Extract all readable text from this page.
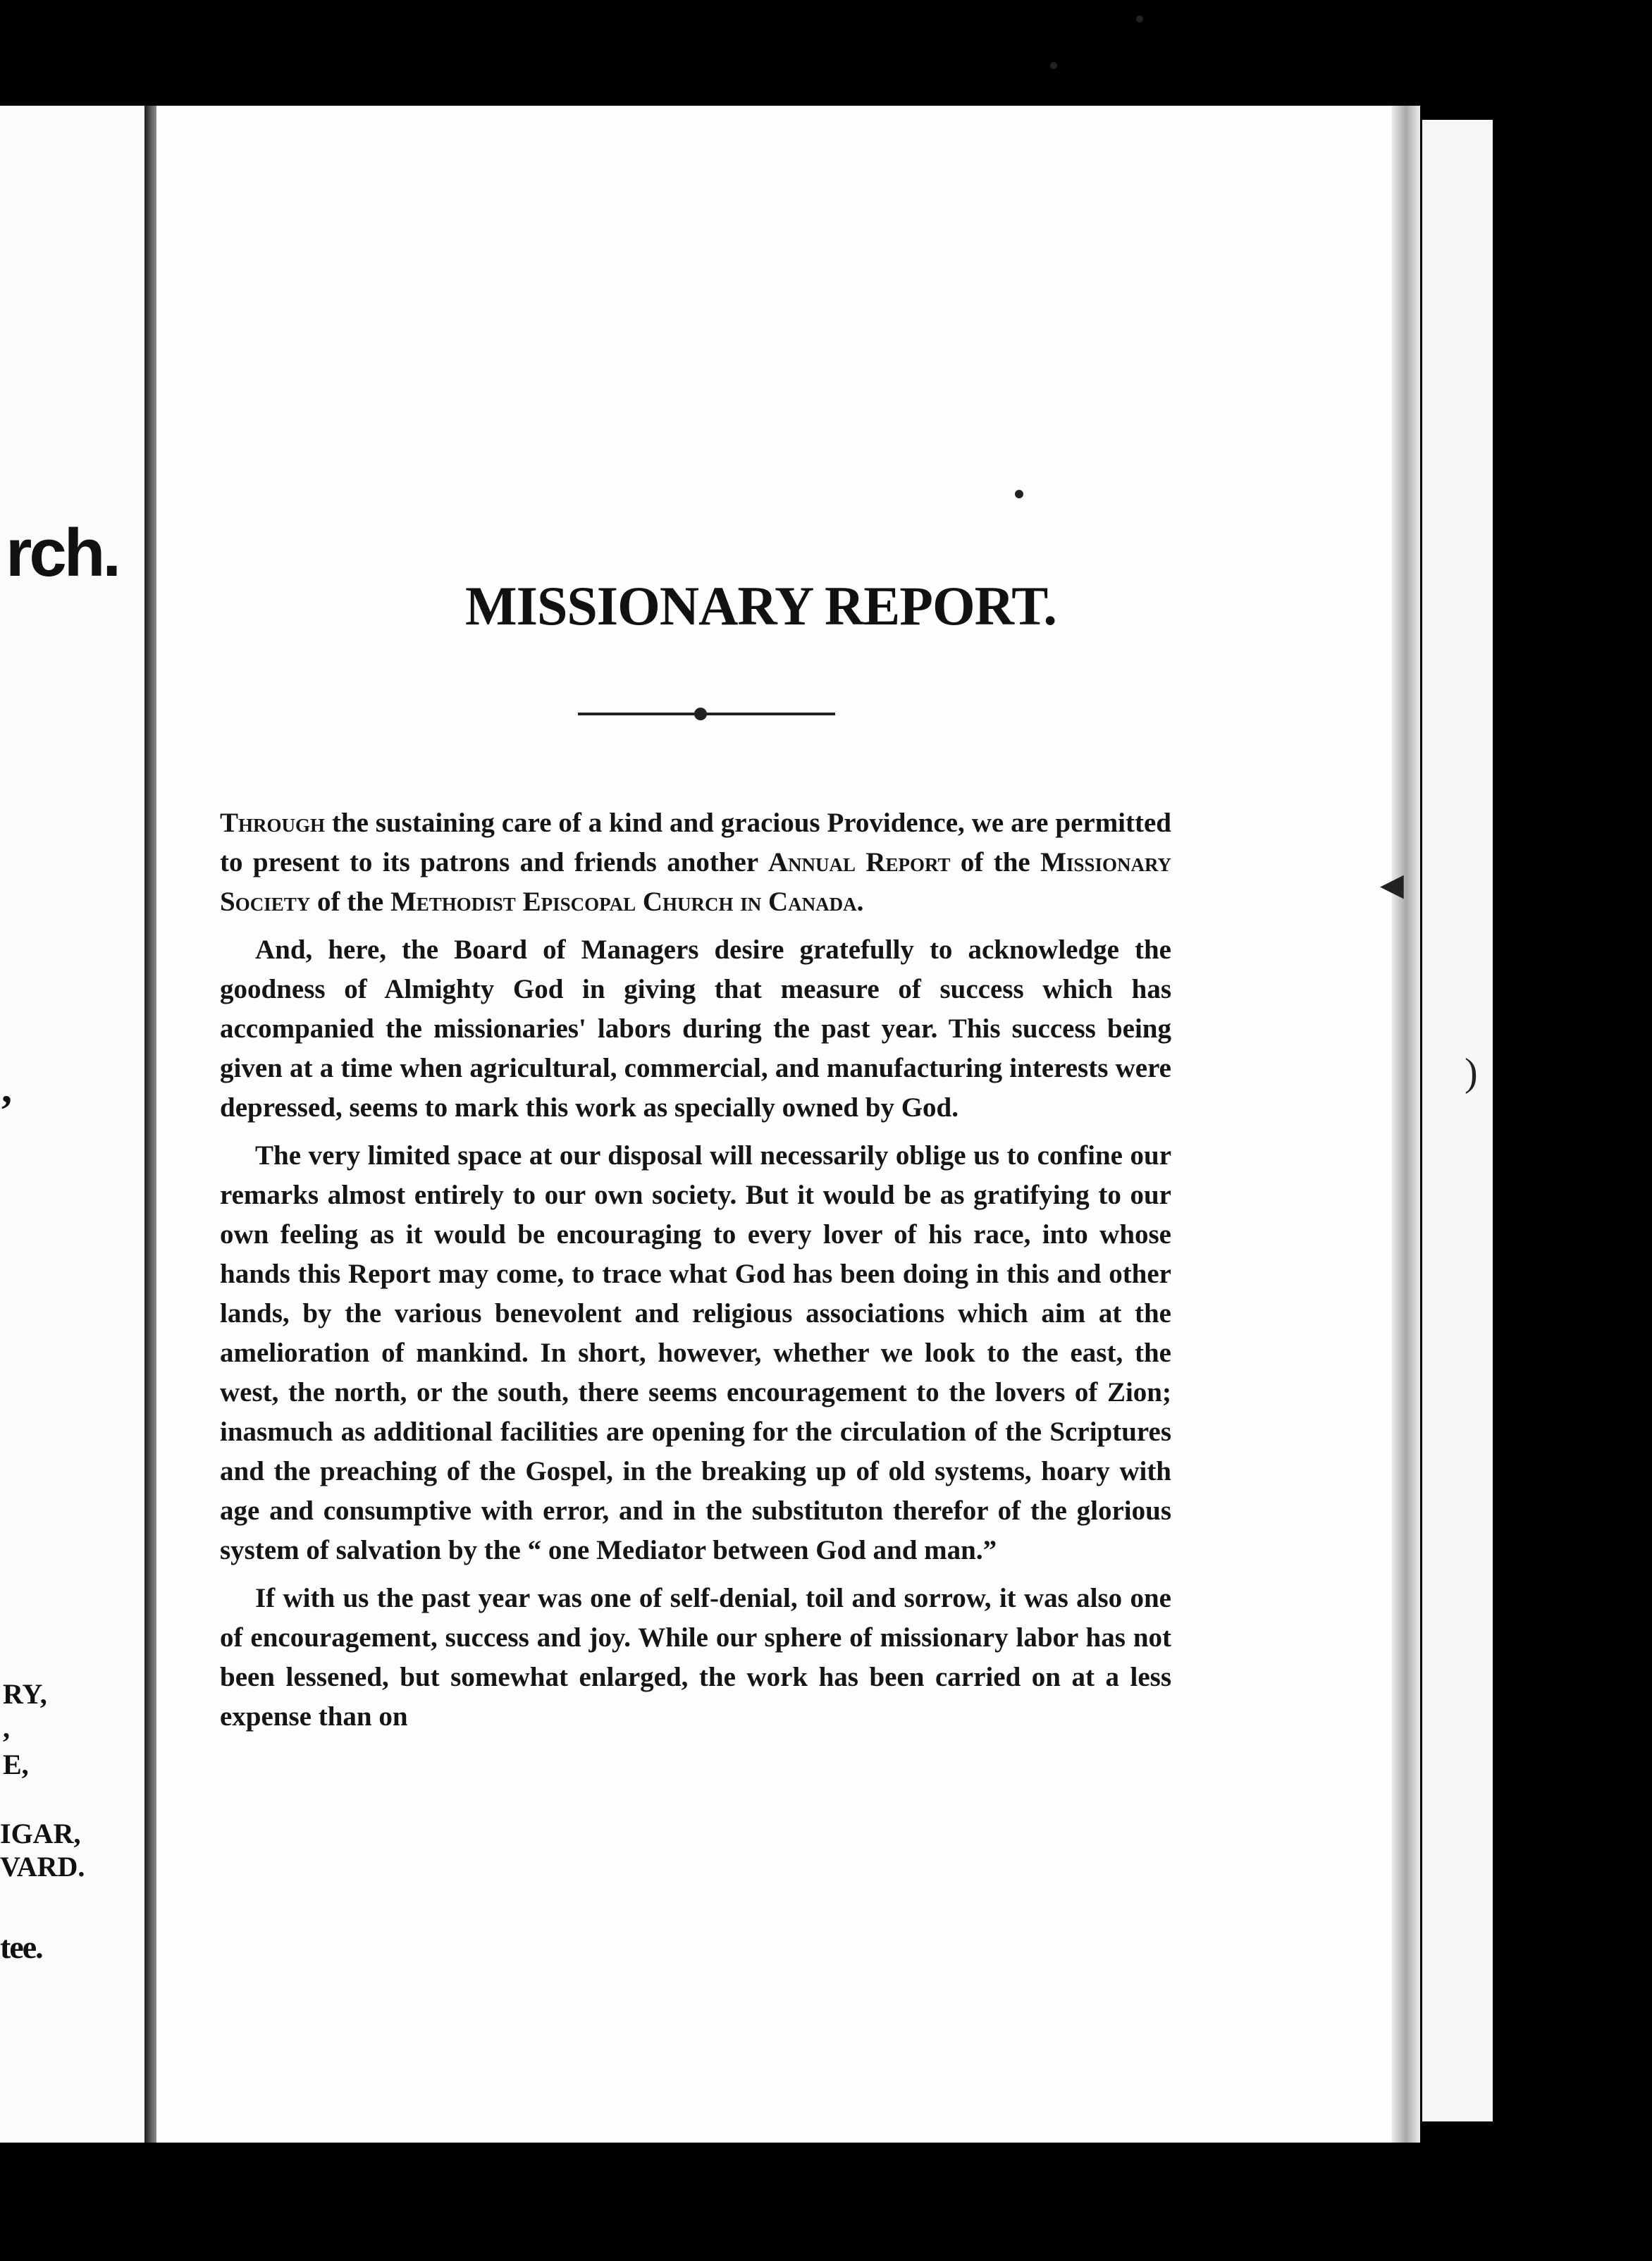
rch.
,
RY,
,
E,
IGAR,
VARD.
tee.
◀
)

MISSIONARY REPORT.

Through the sustaining care of a kind and gracious Providence, we are permitted to present to its patrons and friends another Annual Report of the Missionary Society of the Methodist Episcopal Church in Canada.

And, here, the Board of Managers desire gratefully to acknowledge the goodness of Almighty God in giving that measure of success which has accompanied the missionaries' labors during the past year. This success being given at a time when agricultural, commercial, and manufacturing interests were depressed, seems to mark this work as specially owned by God.

The very limited space at our disposal will necessarily oblige us to confine our remarks almost entirely to our own society. But it would be as gratifying to our own feeling as it would be encouraging to every lover of his race, into whose hands this Report may come, to trace what God has been doing in this and other lands, by the various benevolent and religious associations which aim at the amelioration of mankind. In short, however, whether we look to the east, the west, the north, or the south, there seems encouragement to the lovers of Zion; inasmuch as additional facilities are opening for the circulation of the Scriptures and the preaching of the Gospel, in the breaking up of old systems, hoary with age and consumptive with error, and in the substituton therefor of the glorious system of salvation by the “ one Mediator between God and man.”

If with us the past year was one of self-denial, toil and sorrow, it was also one of encouragement, success and joy. While our sphere of missionary labor has not been lessened, but somewhat enlarged, the work has been carried on at a less expense than on
